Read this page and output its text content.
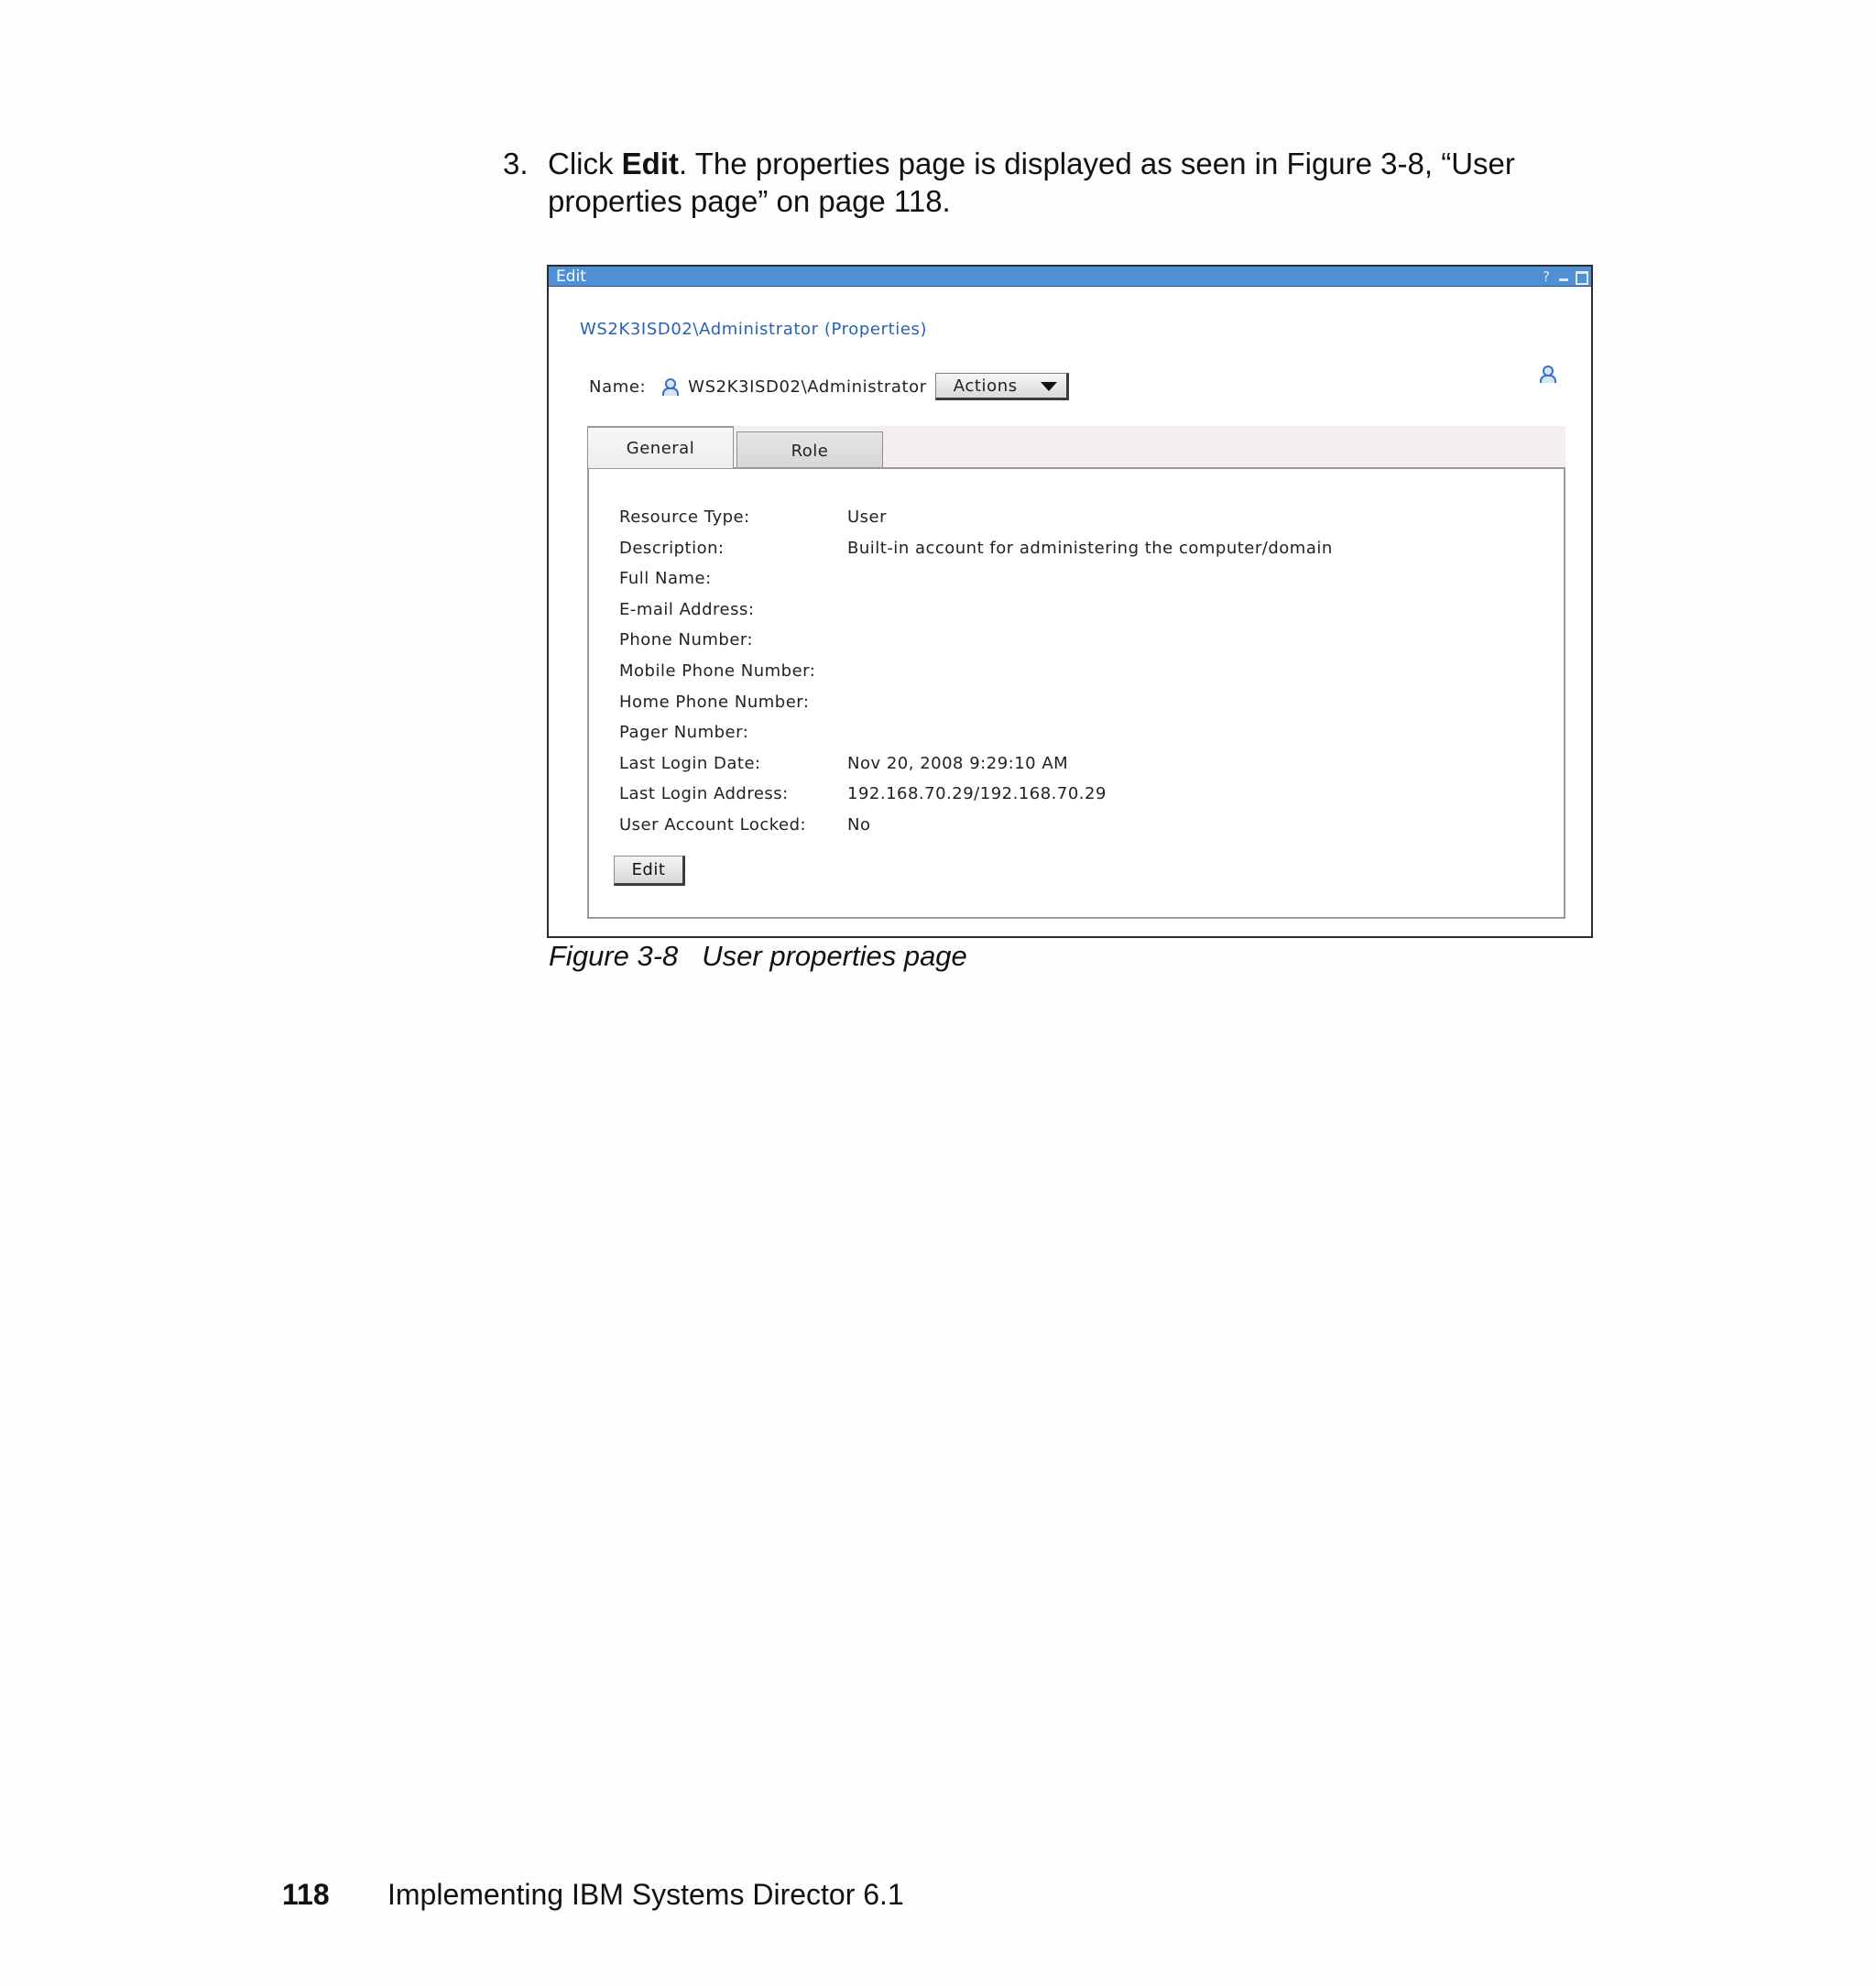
3. Click Edit. The properties page is displayed as seen in Figure 3-8, “User properties page” on page 118.
Edit	?
WS2K3ISD02\Administrator (Properties)
Name:	WS2K3ISD02\Administrator Actions
General	Role
Resource Type:	User
Description:	Built-in account for administering the computer/domain
Full Name:
E-mail Address:
Phone Number:
Mobile Phone Number:
Home Phone Number:
Pager Number:
Last Login Date:	Nov 20, 2008 9:29:10 AM
Last Login Address:	192.168.70.29/192.168.70.29
User Account Locked: No
Edit
Figure 3-8 User properties page
118 Implementing IBM Systems Director 6.1
